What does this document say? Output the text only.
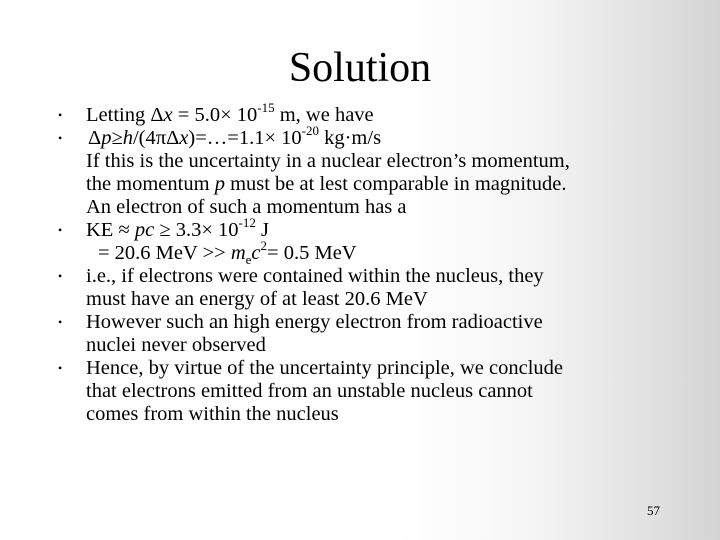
Solution
• Letting $\Delta x = 5.0\times 10^{-15}$ m, we have
• Δp≥h/(4πΔx)=…=1.1× $10^{-20}$ kg·m/s
If this is the uncertainty in a nuclear electron’s momentum,
the momentum p must be at lest comparable in magnitude.
An electron of such a momentum has a
• KE ≈ pc ≥ $3.3\times 10^{-12}$ J
= 20.6 MeV >> $m_ec^2= 0.5$ MeV
• i.e., if electrons were contained within the nucleus, they
must have an energy of at least 20.6 MeV
• However such an high energy electron from radioactive
nuclei never observed
• Hence, by virtue of the uncertainty principle, we conclude
that electrons emitted from an unstable nucleus cannot
comes from within the nucleus
57
